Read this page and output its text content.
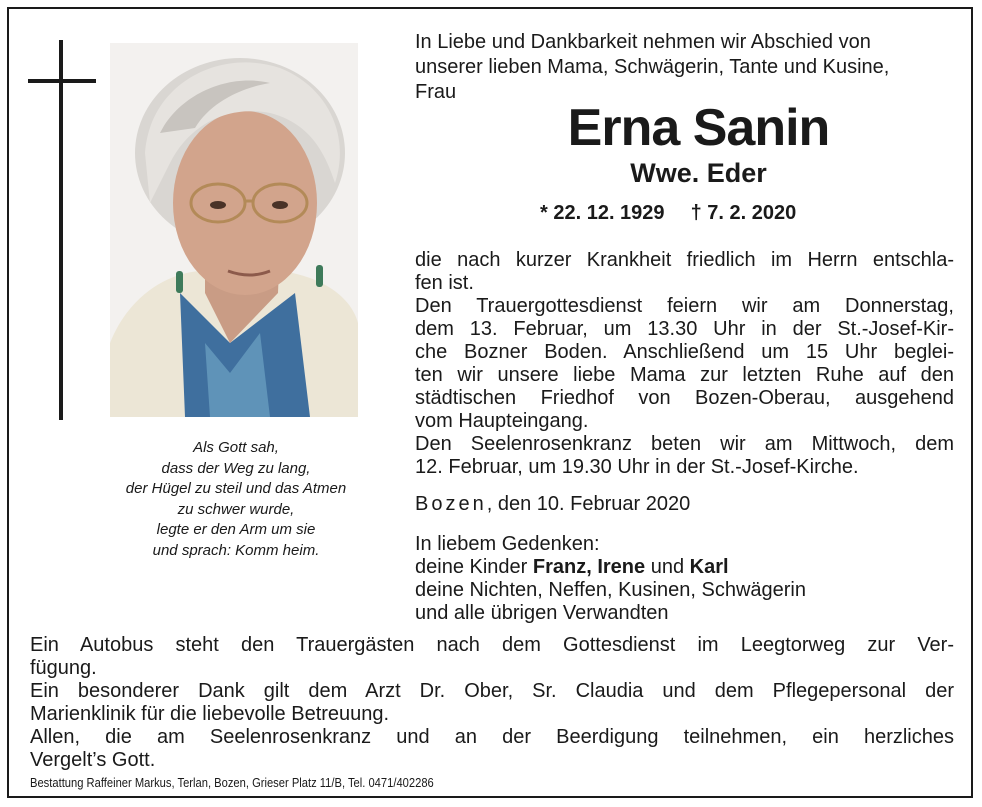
Als Gott sah,
dass der Weg zu lang,
der Hügel zu steil und das Atmen
zu schwer wurde,
legte er den Arm um sie
und sprach: Komm heim.
In Liebe und Dankbarkeit nehmen wir Abschied von
unserer lieben Mama, Schwägerin, Tante und Kusine,
Frau
Erna Sanin
Wwe. Eder
* 22. 12. 1929 † 7. 2. 2020
die nach kurzer Krankheit friedlich im Herrn entschla-
fen ist.
Den Trauergottesdienst feiern wir am Donnerstag,
dem 13. Februar, um 13.30 Uhr in der St.-Josef-Kir-
che Bozner Boden. Anschließend um 15 Uhr beglei-
ten wir unsere liebe Mama zur letzten Ruhe auf den
städtischen Friedhof von Bozen-Oberau, ausgehend
vom Haupteingang.
Den Seelenrosenkranz beten wir am Mittwoch, dem
12. Februar, um 19.30 Uhr in der St.-Josef-Kirche.
Bozen, den 10. Februar 2020
In liebem Gedenken:
deine Kinder Franz, Irene und Karl
deine Nichten, Neffen, Kusinen, Schwägerin
und alle übrigen Verwandten
Ein Autobus steht den Trauergästen nach dem Gottesdienst im Leegtorweg zur Ver-
fügung.
Ein besonderer Dank gilt dem Arzt Dr. Ober, Sr. Claudia und dem Pflegepersonal der
Marienklinik für die liebevolle Betreuung.
Allen, die am Seelenrosenkranz und an der Beerdigung teilnehmen, ein herzliches
Vergelt’s Gott.
Bestattung Raffeiner Markus, Terlan, Bozen, Grieser Platz 11/B, Tel. 0471/402286
